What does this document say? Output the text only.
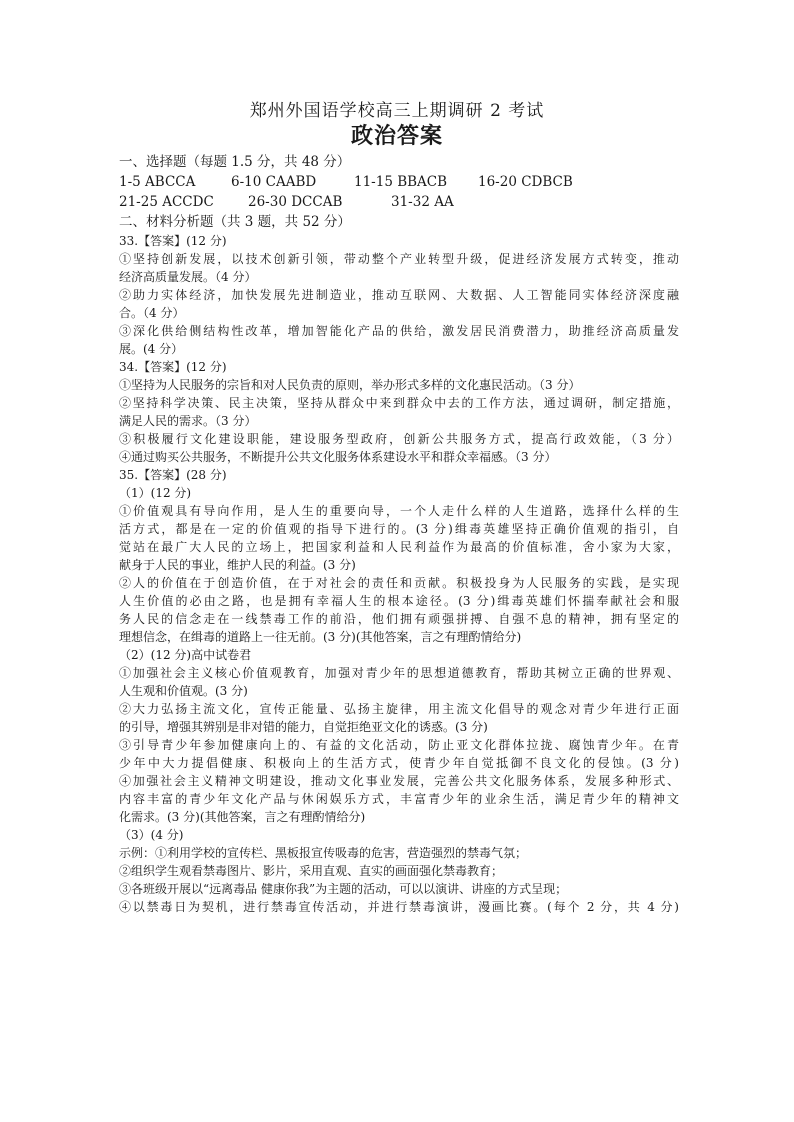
郑州外国语学校高三上期调研 2 考试
政治答案
一、选择题（每题 1.5 分，共 48 分）
1-5 ABCCA	6-10 CAABD	11-15 BBACB	16-20 CDBCB
21-25 ACCDC	26-30 DCCAB	31-32 AA
二、材料分析题（共 3 题，共 52 分）
33.【答案】(12 分)
①坚持创新发展，以技术创新引领，带动整个产业转型升级，促进经济发展方式转变，推动
经济高质量发展。（4 分）
②助力实体经济，加快发展先进制造业，推动互联网、大数据、人工智能同实体经济深度融
合。（4 分）
③深化供给侧结构性改革，增加智能化产品的供给，激发居民消费潜力，助推经济高质量发
展。(4 分）
34.【答案】(12 分)
①坚持为人民服务的宗旨和对人民负责的原则，举办形式多样的文化惠民活动。（3 分）
②坚持科学决策、民主决策，坚持从群众中来到群众中去的工作方法，通过调研，制定措施，
满足人民的需求。（3 分）
③积极履行文化建设职能，建设服务型政府，创新公共服务方式，提高行政效能，（3 分）
④通过购买公共服务，不断提升公共文化服务体系建设水平和群众幸福感。（3 分）
35.【答案】(28 分)
（1）(12 分)
①价值观具有导向作用，是人生的重要向导，一个人走什么样的人生道路，选择什么样的生
活方式，都是在一定的价值观的指导下进行的。(3 分)缉毒英雄坚持正确价值观的指引，自
觉站在最广大人民的立场上，把国家利益和人民利益作为最高的价值标准，舍小家为大家，
献身于人民的事业，维护人民的利益。(3 分)
②人的价值在于创造价值，在于对社会的责任和贡献。积极投身为人民服务的实践，是实现
人生价值的必由之路，也是拥有幸福人生的根本途径。(3 分)缉毒英雄们怀揣奉献社会和服
务人民的信念走在一线禁毒工作的前沿，他们拥有顽强拼搏、自强不息的精神，拥有坚定的
理想信念，在缉毒的道路上一往无前。(3 分)(其他答案，言之有理酌情给分)
（2）(12 分)高中试卷君
①加强社会主义核心价值观教育，加强对青少年的思想道德教育，帮助其树立正确的世界观、
人生观和价值观。(3 分)
②大力弘扬主流文化，宣传正能量、弘扬主旋律，用主流文化倡导的观念对青少年进行正面
的引导，增强其辨别是非对错的能力，自觉拒绝亚文化的诱惑。(3 分)
③引导青少年参加健康向上的、有益的文化活动，防止亚文化群体拉拢、腐蚀青少年。在青
少年中大力提倡健康、积极向上的生活方式，使青少年自觉抵御不良文化的侵蚀。(3 分)
④加强社会主义精神文明建设，推动文化事业发展，完善公共文化服务体系，发展多种形式、
内容丰富的青少年文化产品与休闲娱乐方式，丰富青少年的业余生活，满足青少年的精神文
化需求。(3 分)(其他答案，言之有理酌情给分)
（3）(4 分)
示例：①利用学校的宣传栏、黑板报宣传吸毒的危害，营造强烈的禁毒气氛；
②组织学生观看禁毒图片、影片，采用直观、直实的画面强化禁毒教育；
③各班级开展以“远离毒品 健康你我”为主题的活动，可以以演讲、讲座的方式呈现；
④以禁毒日为契机，进行禁毒宣传活动，并进行禁毒演讲，漫画比赛。(每个 2 分，共 4 分)
